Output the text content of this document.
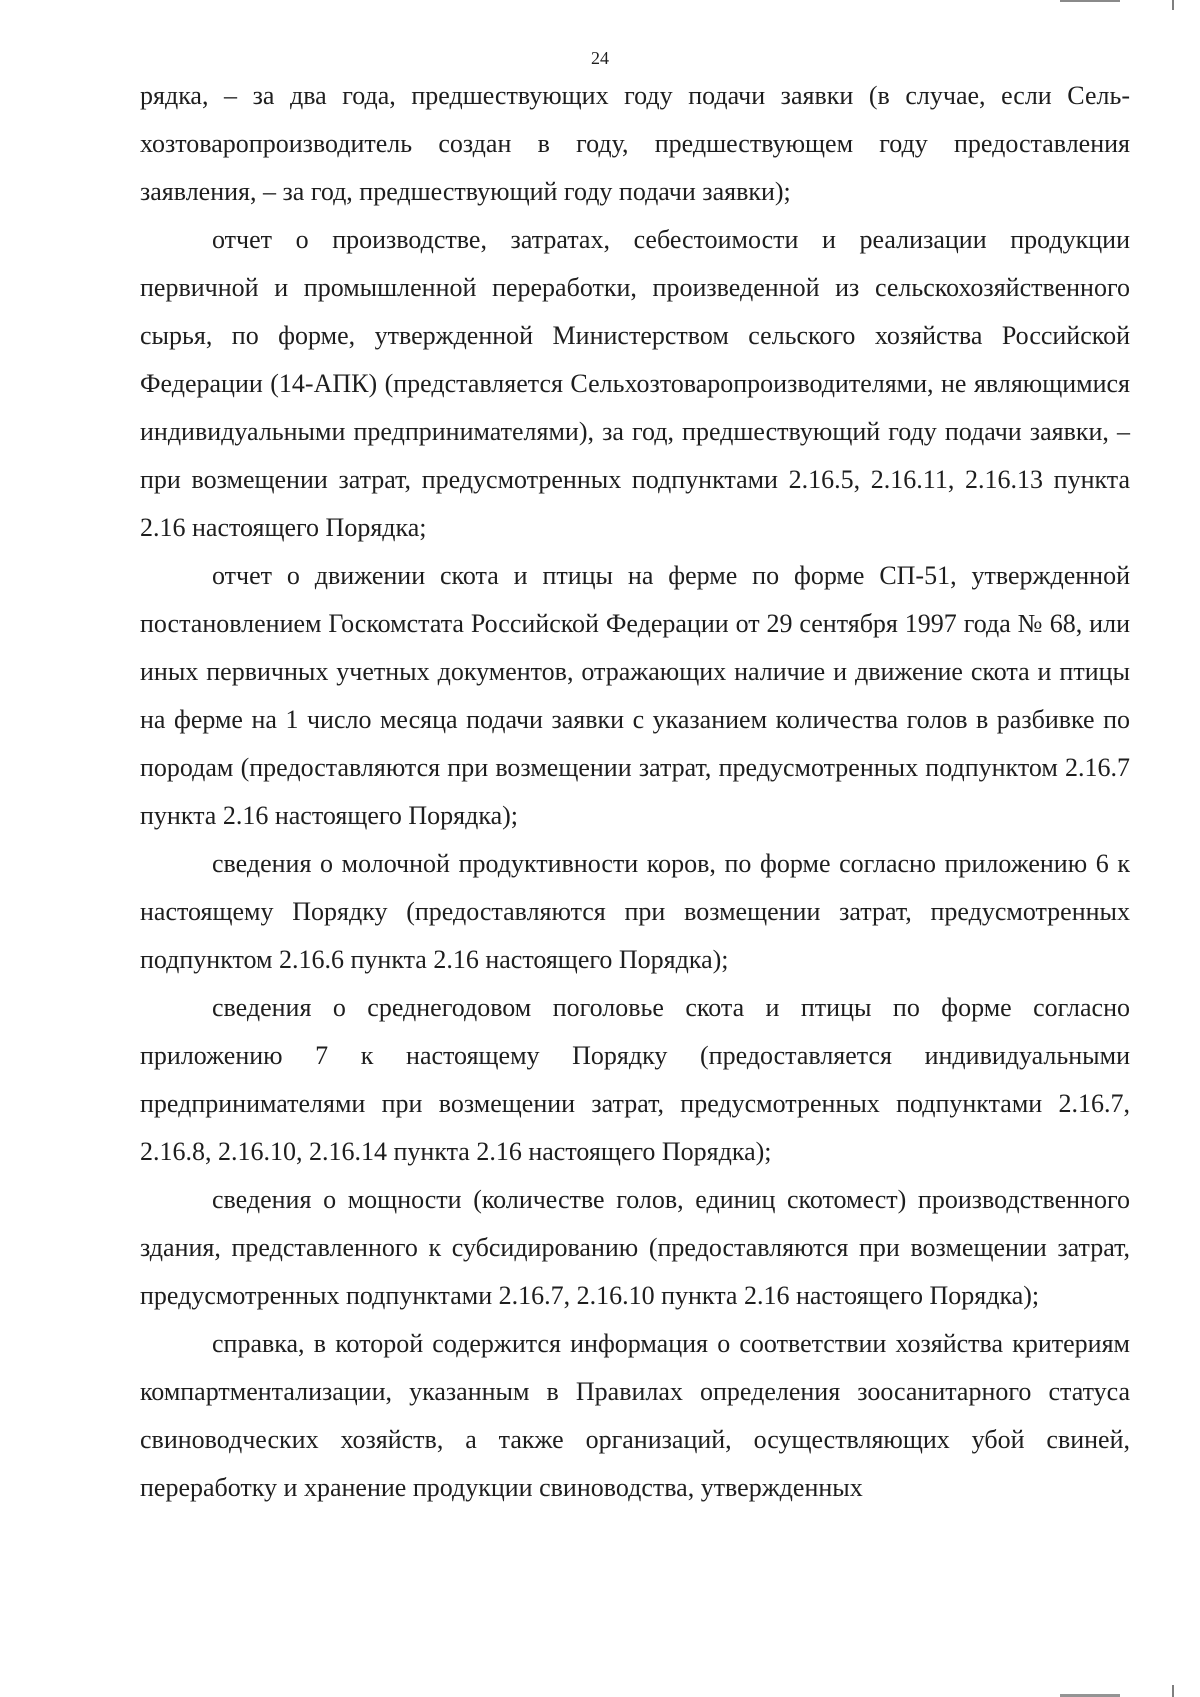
24

рядка, – за два года, предшествующих году подачи заявки (в случае, если Сельхозтоваропроизводитель создан в году, предшествующем году предоставления заявления, – за год, предшествующий году подачи заявки);

отчет о производстве, затратах, себестоимости и реализации продукции первичной и промышленной переработки, произведенной из сельскохозяйственного сырья, по форме, утвержденной Министерством сельского хозяйства Российской Федерации (14-АПК) (представляется Сельхозтоваропроизводителями, не являющимися индивидуальными предпринимателями), за год, предшествующий году подачи заявки, – при возмещении затрат, предусмотренных подпунктами 2.16.5, 2.16.11, 2.16.13 пункта 2.16 настоящего Порядка;

отчет о движении скота и птицы на ферме по форме СП-51, утвержденной постановлением Госкомстата Российской Федерации от 29 сентября 1997 года № 68, или иных первичных учетных документов, отражающих наличие и движение скота и птицы на ферме на 1 число месяца подачи заявки с указанием количества голов в разбивке по породам (предоставляются при возмещении затрат, предусмотренных подпунктом 2.16.7 пункта 2.16 настоящего Порядка);

сведения о молочной продуктивности коров, по форме согласно приложению 6 к настоящему Порядку (предоставляются при возмещении затрат, предусмотренных подпунктом 2.16.6 пункта 2.16 настоящего Порядка);

сведения о среднегодовом поголовье скота и птицы по форме согласно приложению 7 к настоящему Порядку (предоставляется индивидуальными предпринимателями при возмещении затрат, предусмотренных подпунктами 2.16.7, 2.16.8, 2.16.10, 2.16.14 пункта 2.16 настоящего Порядка);

сведения о мощности (количестве голов, единиц скотомест) производственного здания, представленного к субсидированию (предоставляются при возмещении затрат, предусмотренных подпунктами 2.16.7, 2.16.10 пункта 2.16 настоящего Порядка);

справка, в которой содержится информация о соответствии хозяйства критериям компартментализации, указанным в Правилах определения зоосанитарного статуса свиноводческих хозяйств, а также организаций, осуществляющих убой свиней, переработку и хранение продукции свиноводства, утвержденных
